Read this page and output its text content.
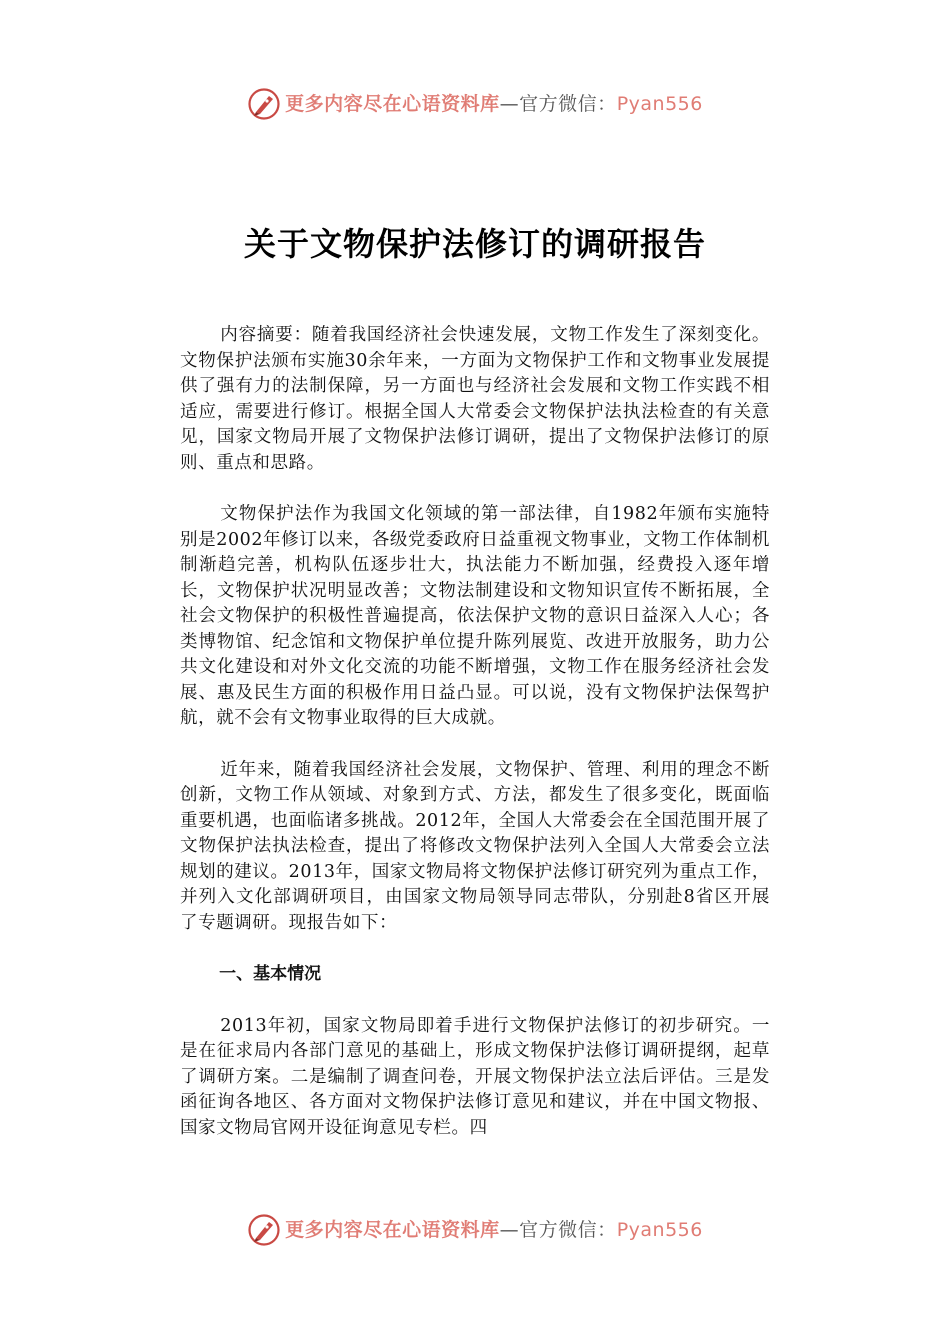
更多内容尽在心语资料库 —官方微信： Pyan556
关于文物保护法修订的调研报告

内容摘要：随着我国经济社会快速发展，文物工作发生了深刻变化。文物保护法颁布实施30余年来，一方面为文物保护工作和文物事业发展提供了强有力的法制保障，另一方面也与经济社会发展和文物工作实践不相适应，需要进行修订。根据全国人大常委会文物保护法执法检查的有关意见，国家文物局开展了文物保护法修订调研，提出了文物保护法修订的原则、重点和思路。

文物保护法作为我国文化领域的第一部法律，自1982年颁布实施特别是2002年修订以来，各级党委政府日益重视文物事业，文物工作体制机制渐趋完善，机构队伍逐步壮大，执法能力不断加强，经费投入逐年增长，文物保护状况明显改善；文物法制建设和文物知识宣传不断拓展，全社会文物保护的积极性普遍提高，依法保护文物的意识日益深入人心；各类博物馆、纪念馆和文物保护单位提升陈列展览、改进开放服务，助力公共文化建设和对外文化交流的功能不断增强，文物工作在服务经济社会发展、惠及民生方面的积极作用日益凸显。可以说，没有文物保护法保驾护航，就不会有文物事业取得的巨大成就。

近年来，随着我国经济社会发展，文物保护、管理、利用的理念不断创新，文物工作从领域、对象到方式、方法，都发生了很多变化，既面临重要机遇，也面临诸多挑战。2012年，全国人大常委会在全国范围开展了文物保护法执法检查，提出了将修改文物保护法列入全国人大常委会立法规划的建议。2013年，国家文物局将文物保护法修订研究列为重点工作，并列入文化部调研项目，由国家文物局领导同志带队，分别赴8省区开展了专题调研。现报告如下：

一、基本情况

2013年初，国家文物局即着手进行文物保护法修订的初步研究。一是在征求局内各部门意见的基础上，形成文物保护法修订调研提纲，起草了调研方案。二是编制了调查问卷，开展文物保护法立法后评估。三是发函征询各地区、各方面对文物保护法修订意见和建议，并在中国文物报、国家文物局官网开设征询意见专栏。四

更多内容尽在心语资料库 —官方微信： Pyan556
